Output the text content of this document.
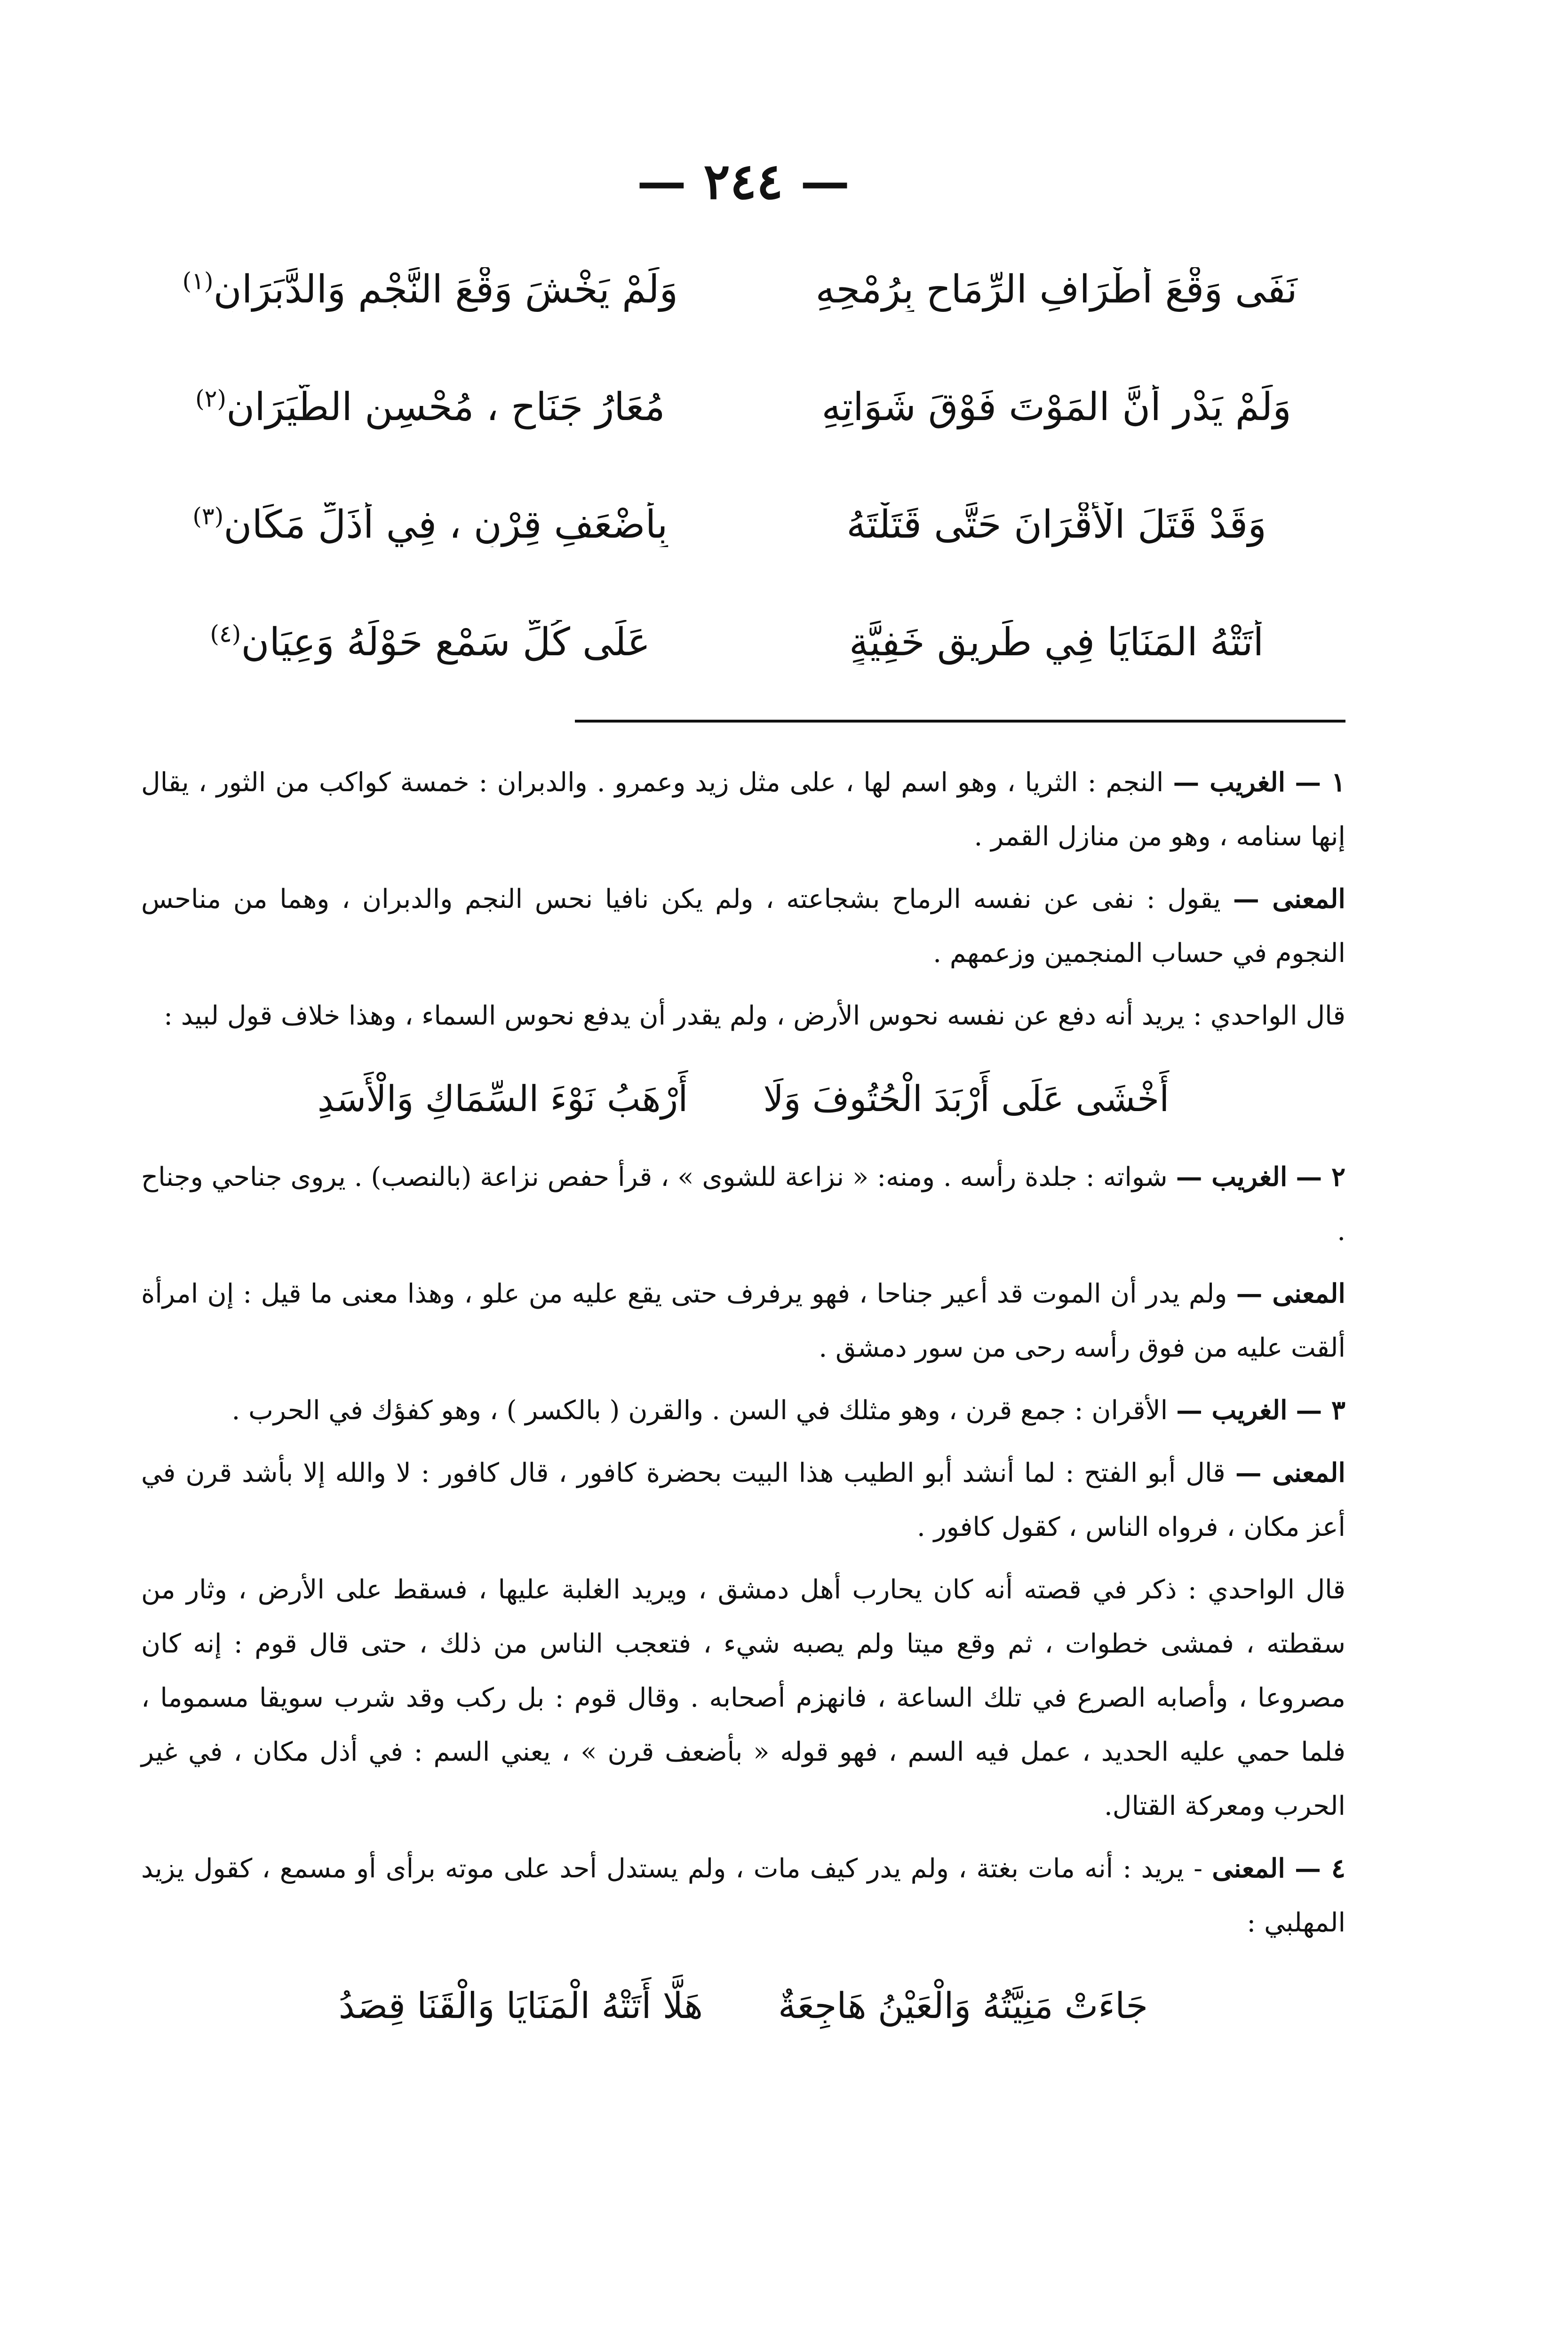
— ٢٤٤ —
نَفَى وَقْعَ أَطْرَافِ الرِّمَاحِ بِرُمْحِهِ
وَلَمْ يَخْشَ وَقْعَ النَّجْمِ وَالدَّبَرَانِ$^{(١)}$
وَلَمْ يَدْرِ أَنَّ المَوْتَ فَوْقَ شَوَاتِهِ
مُعَارُ جَنَاحٍ ، مُحْسِنِ الطَّيَرَانِ$^{(٢)}$
وَقَدْ قَتَلَ الْأَقْرَانَ حَتَّى قَتَلْتَهُ
بِأَضْعَفِ قِرْنٍ ، فِي أَذَلِّ مَكَانِ$^{(٣)}$
أَتَتْهُ المَنَايَا فِي طَرِيقٍ خَفِيَّةٍ
عَلَى كُلِّ سَمْعٍ حَوْلَهُ وَعِيَانِ$^{(٤)}$

١ — الغريب — النجم : الثريا ، وهو اسم لها ، على مثل زيد وعمرو . والدبران : خمسة كواكب من الثور ، يقال إنها سنامه ، وهو من منازل القمر .

المعنى — يقول : نفى عن نفسه الرماح بشجاعته ، ولم يكن نافيا نحس النجم والدبران ، وهما من مناحس النجوم في حساب المنجمين وزعمهم .

قال الواحدي : يريد أنه دفع عن نفسه نحوس الأرض ، ولم يقدر أن يدفع نحوس السماء ، وهذا خلاف قول لبيد :

أَخْشَى عَلَى أَرْبَدَ الْحُتُوفَ وَلَا
أَرْهَبُ نَوْءَ السِّمَاكِ وَالْأَسَدِ

٢ — الغريب — شواته : جلدة رأسه . ومنه: « نزاعة للشوى » ، قرأ حفص نزاعة (بالنصب) . يروى جناحي وجناح .

المعنى — ولم يدر أن الموت قد أعير جناحا ، فهو يرفرف حتى يقع عليه من علو ، وهذا معنى ما قيل : إن امرأة ألقت عليه من فوق رأسه رحى من سور دمشق .

٣ — الغريب — الأقران : جمع قرن ، وهو مثلك في السن . والقرن ( بالكسر ) ، وهو كفؤك في الحرب .

المعنى — قال أبو الفتح : لما أنشد أبو الطيب هذا البيت بحضرة كافور ، قال كافور : لا والله إلا بأشد قرن في أعز مكان ، فرواه الناس ، كقول كافور .

قال الواحدي : ذكر في قصته أنه كان يحارب أهل دمشق ، ويريد الغلبة عليها ، فسقط على الأرض ، وثار من سقطته ، فمشى خطوات ، ثم وقع ميتا ولم يصبه شيء ، فتعجب الناس من ذلك ، حتى قال قوم : إنه كان مصروعا ، وأصابه الصرع في تلك الساعة ، فانهزم أصحابه . وقال قوم : بل ركب وقد شرب سويقا مسموما ، فلما حمي عليه الحديد ، عمل فيه السم ، فهو قوله « بأضعف قرن » ، يعني السم : في أذل مكان ، في غير الحرب ومعركة القتال.

٤ — المعنى - يريد : أنه مات بغتة ، ولم يدر كيف مات ، ولم يستدل أحد على موته برأى أو مسمع ، كقول يزيد المهلبي :

جَاءَتْ مَنِيَّتُهُ وَالْعَيْنُ هَاجِعَةٌ
هَلَّا أَتَتْهُ الْمَنَايَا وَالْقَنَا قِصَدُ
